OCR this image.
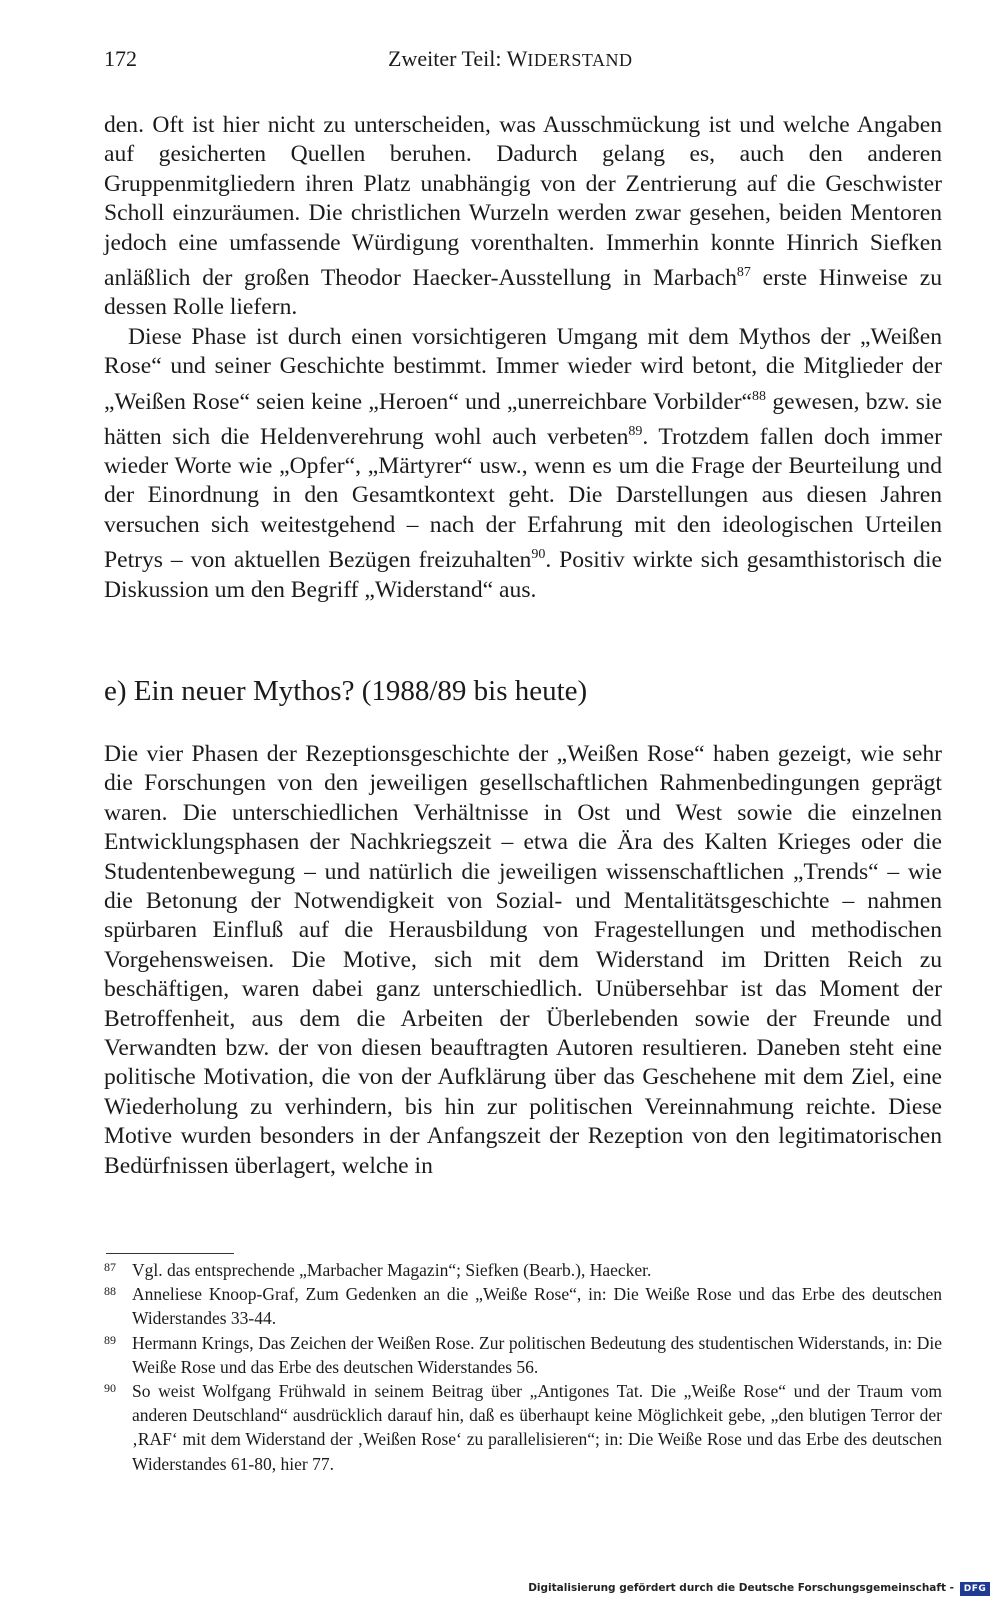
172	Zweiter Teil: WIDERSTAND

den. Oft ist hier nicht zu unterscheiden, was Ausschmückung ist und welche Angaben auf gesicherten Quellen beruhen. Dadurch gelang es, auch den anderen Gruppenmitgliedern ihren Platz unabhängig von der Zentrierung auf die Geschwister Scholl einzuräumen. Die christlichen Wurzeln werden zwar gesehen, beiden Mentoren jedoch eine umfassende Würdigung vorenthalten. Immerhin konnte Hinrich Siefken anläßlich der großen Theodor Haecker-Ausstellung in Marbach$^{87}$ erste Hinweise zu dessen Rolle liefern.

Diese Phase ist durch einen vorsichtigeren Umgang mit dem Mythos der „Weißen Rose“ und seiner Geschichte bestimmt. Immer wieder wird betont, die Mitglieder der „Weißen Rose“ seien keine „Heroen“ und „unerreichbare Vorbilder“$^{88}$ gewesen, bzw. sie hätten sich die Heldenverehrung wohl auch verbeten$^{89}$. Trotzdem fallen doch immer wieder Worte wie „Opfer“, „Märtyrer“ usw., wenn es um die Frage der Beurteilung und der Einordnung in den Gesamtkontext geht. Die Darstellungen aus diesen Jahren versuchen sich weitestgehend – nach der Erfahrung mit den ideologischen Urteilen Petrys – von aktuellen Bezügen freizuhalten$^{90}$. Positiv wirkte sich gesamthistorisch die Diskussion um den Begriff „Widerstand“ aus.

e) Ein neuer Mythos? (1988/89 bis heute)

Die vier Phasen der Rezeptionsgeschichte der „Weißen Rose“ haben gezeigt, wie sehr die Forschungen von den jeweiligen gesellschaftlichen Rahmenbedingungen geprägt waren. Die unterschiedlichen Verhältnisse in Ost und West sowie die einzelnen Entwicklungsphasen der Nachkriegszeit – etwa die Ära des Kalten Krieges oder die Studentenbewegung – und natürlich die jeweiligen wissenschaftlichen „Trends“ – wie die Betonung der Notwendigkeit von Sozial- und Mentalitätsgeschichte – nahmen spürbaren Einfluß auf die Herausbildung von Fragestellungen und methodischen Vorgehensweisen. Die Motive, sich mit dem Widerstand im Dritten Reich zu beschäftigen, waren dabei ganz unterschiedlich. Unübersehbar ist das Moment der Betroffenheit, aus dem die Arbeiten der Überlebenden sowie der Freunde und Verwandten bzw. der von diesen beauftragten Autoren resultieren. Daneben steht eine politische Motivation, die von der Aufklärung über das Geschehene mit dem Ziel, eine Wiederholung zu verhindern, bis hin zur politischen Vereinnahmung reichte. Diese Motive wurden besonders in der Anfangszeit der Rezeption von den legitimatorischen Bedürfnissen überlagert, welche in

87 Vgl. das entsprechende „Marbacher Magazin“; Siefken (Bearb.), Haecker.

88 Anneliese Knoop-Graf, Zum Gedenken an die „Weiße Rose“, in: Die Weiße Rose und das Erbe des deutschen Widerstandes 33-44.

89 Hermann Krings, Das Zeichen der Weißen Rose. Zur politischen Bedeutung des studentischen Widerstands, in: Die Weiße Rose und das Erbe des deutschen Widerstandes 56.

90 So weist Wolfgang Frühwald in seinem Beitrag über „Antigones Tat. Die „Weiße Rose“ und der Traum vom anderen Deutschland“ ausdrücklich darauf hin, daß es überhaupt keine Möglichkeit gebe, „den blutigen Terror der ‚RAF‘ mit dem Widerstand der ‚Weißen Rose‘ zu parallelisieren“; in: Die Weiße Rose und das Erbe des deutschen Widerstandes 61-80, hier 77.

Digitalisierung gefördert durch die Deutsche Forschungsgemeinschaft -	DFG
